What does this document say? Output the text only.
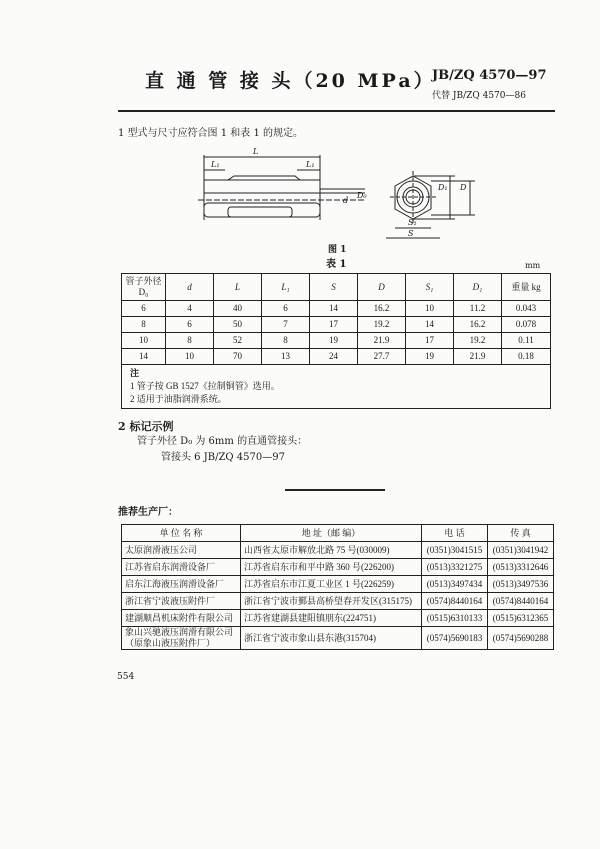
直 通 管 接 头（20 MPa）
JB/ZQ 4570—97
代替 JB/ZQ 4570—86
1 型式与尺寸应符合图 1 和表 1 的规定。
L
L₁	L₁
d
D₀
D₁ D
S₁
S
图 1
表 1	mm
管子外径 D₀	d	L	L₁	S	D	S₁	D₁	重量 kg
6	4	40	6	14	16.2	10	11.2	0.043
8	6	50	7	17	19.2	14	16.2	0.078
10	8	52	8	19	21.9	17	19.2	0.11
14	10	70	13	24	27.7	19	21.9	0.18

注
1 管子按 GB 1527《拉制铜管》选用。
2 适用于油脂润滑系统。								
2 标记示例
管子外径 D₀ 为 6mm 的直通管接头：
管接头 6 JB/ZQ 4570—97
推荐生产厂：
单 位 名 称	地 址（邮 编）	电 话	传 真
太原润滑液压公司	山西省太原市解放北路 75 号(030009)	(0351)3041515	(0351)3041942
江苏省启东润滑设备厂	江苏省启东市和平中路 360 号(226200)	(0513)3321275	(0513)3312646
启东江海液压润滑设备厂	江苏省启东市江夏工业区 1 号(226259)	(0513)3497434	(0513)3497536
浙江省宁波液压附件厂	浙江省宁波市鄞县高桥望春开发区(315175)	(0574)8440164	(0574)8440164
建湖顺昌机床附件有限公司	江苏省建湖县建阳镇朋东(224751)	(0515)6310133	(0515)6312365
象山兴驰液压润滑有限公司（原象山液压附件厂）	浙江省宁波市象山县东港(315704)	(0574)5690183	(0574)5690288
554
